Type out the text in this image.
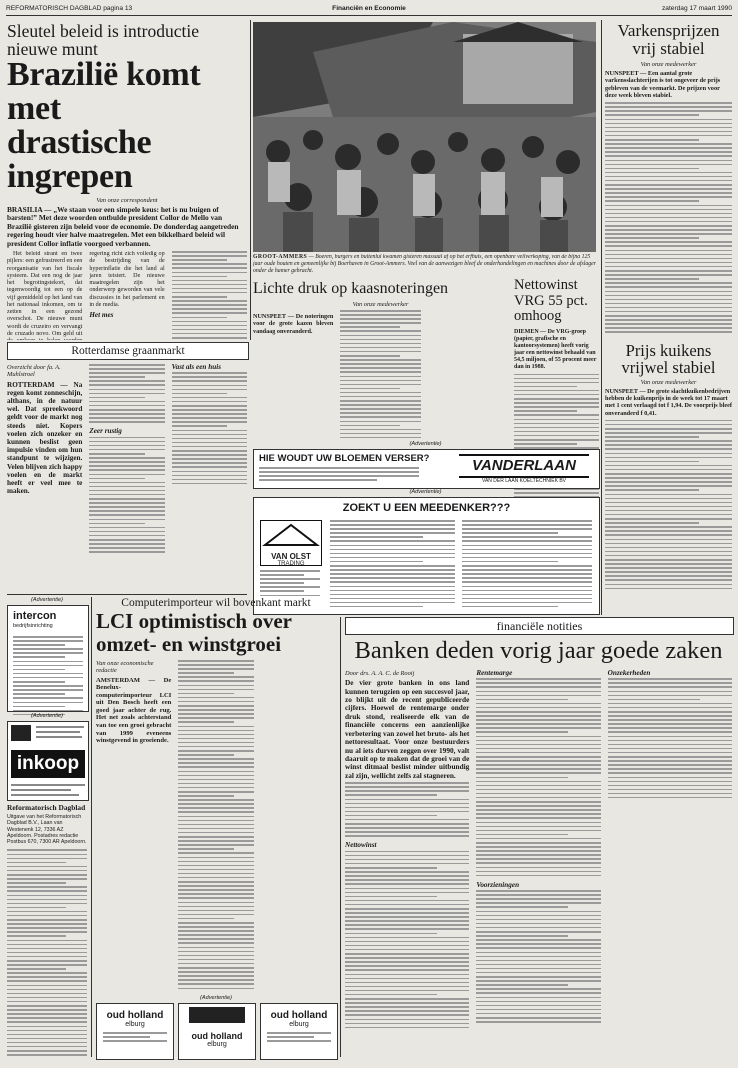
REFORMATORISCH DAGBLAD pagina 13	Financiën en Economie	zaterdag 17 maart 1990
Sleutel beleid is introductie nieuwe munt
Brazilië komt met
drastische ingrepen
Van onze correspondent

BRASILIA — „We staan voor een simpele keus: het is nu buigen of barsten!” Met deze woorden ontbulde president Collor de Mello van Brazilië gisteren zijn beleid voor de economie. De donderdag aangetreden regering houdt vier halve maatregelen. Met een bikkelhard beleid wil president Collor inflatie voorgoed verbannen.

Het beleid strant en twee pijlers: een gefrustreerd en een reorganisatie van het fiscale systeem. Dat een nog de jaar het begrotingstekort, dat tegenwoordig tot een op de vijf gemiddeld op het land van het nationaal inkomen, om te zetten in een gezond overschot. De nieuwe munt wordt de cruzeiro en vervangt de cruzado novo. Om geld uit regering richt zich volledig op de bestrijding van de hyperinflatie die het land al jaren teistert. De nieuwe maatregelen zijn het onderwerp geworden van vele discussies in het parlement en in de media.

Het mes

GROOT-AMMERS — Boeren, burgers en buitenlui kwamen gisteren massaal af op het erfhuis, een openbare veilverkoping, van de bijna 125 jaar oude houten en gemeenlijke bij Boerhaven in Groot-Ammers. Veel van de aanwezigen bleef de onderhandelingen en machines door de afslager onder de hamer gebracht.
Varkensprijzen vrij stabiel
Van onze medewerker

NUNSPEET — Een aantal grote varkensslachterijen is tot ongeveer de prijs gebleven van de veemarkt. De prijzen voor deze week bleven stabiel.

Lichte druk op kaasnoteringen
Van onze medewerker

NUNSPEET — De noteringen voor de grote kazen bleven vandaag onveranderd.

Nettowinst VRG 55 pct. omhoog

DIEMEN — De VRG-groep (papier, grafische en kantoorsystemen) heeft vorig jaar een nettowinst behaald van 54,5 miljoen, of 55 procent meer dan in 1988.

Prijs kuikens vrijwel stabiel
Van onze medewerker

NUNSPEET — De grote slachtkuikenbedrijven hebben de kuikenprijs in de week tot 17 maart met 1 cent verlaagd tot f 1,94. De voorprijs bleef onveranderd f 0,41.

Rotterdamse graanmarkt
Overzicht door fa. A. Muhlstroel

ROTTERDAM — Na regen komt zonneschijn, althans, in de natuur wel. Dat spreekwoord geldt voor de markt nog steeds niet. Kopers voelen zich onzeker en kunnen beslist geen impulsie vinden om hun standpunt te wijzigen. Velen blijven zich happy voelen en de markt heeft er veel mee te maken.

Zeer rustig

Vast als een huis

(Advertentie)
HIE WOUDT UW BLOEMEN VERSER?	VANDERLAAN
VAN DER LAAN KOELTECHNIEK BV
(Advertentie)
ZOEKT U EEN MEEDENKER???
VAN OLST
TRADING
(Advertentie)
intercon
bedrijfsinrichting
(Advertentie)
inkoop
Reformatorisch Dagblad
Uitgave van het Reformatorisch Dagblad B.V., Laan van Westenenk 12, 7336 AZ Apeldoorn. Postadres redactie Postbus 670, 7300 AR Apeldoorn.
Computerimporteur wil bovenkant markt
LCI optimistisch over
omzet- en winstgroei
Van onze economische redactie

AMSTERDAM — De Benelux-computerimporteur LCI uit Den Bosch heeft een goed jaar achter de rug. Het net zoals achterstand van toe een groei gebracht van 1999 eveneens winstgevend in groeiende.

(Advertentie)
oud holland
elburg
oud holland
elburg
oud holland
elburg
financiële notities
Banken deden vorig jaar goede zaken
Door drs. A. A. C. de Rooij

De vier grote banken in ons land kunnen terugzien op een succesvol jaar, zo blijkt uit de recent gepubliceerde cijfers. Hoewel de rentemarge onder druk stond, realiseerde elk van de financiële concerns een aanzienlijke verbetering van zowel het bruto- als het nettoresultaat. Voor onze bestuurders nu al iets durven zeggen over 1990, valt daaruit op te maken dat de groei van de winst ditmaal beslist minder uitbundig zal zijn, wellicht zelfs zal stagneren.

Nettowinst

Rentemarge

Voorzieningen

Onzekerheden
